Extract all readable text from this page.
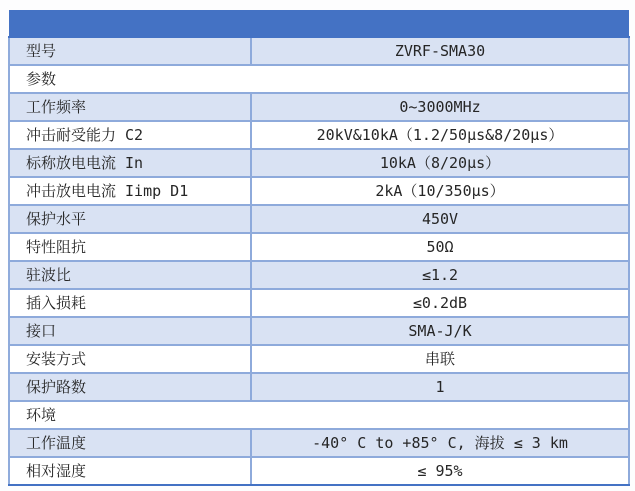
型号	ZVRF-SMA30
参数	
工作频率	0~3000MHz
冲击耐受能力 C2	20kV&10kA（1.2/50μs&8/20μs）
标称放电电流 In	10kA（8/20μs）
冲击放电电流 Iimp D1	2kA（10/350μs）
保护水平	450V
特性阻抗	50Ω
驻波比	≤1.2
插入损耗	≤0.2dB
接口	SMA-J/K
安装方式	串联
保护路数	1
环境	
工作温度	-40° C to +85° C, 海拔 ≤ 3 km
相对湿度	≤ 95%
